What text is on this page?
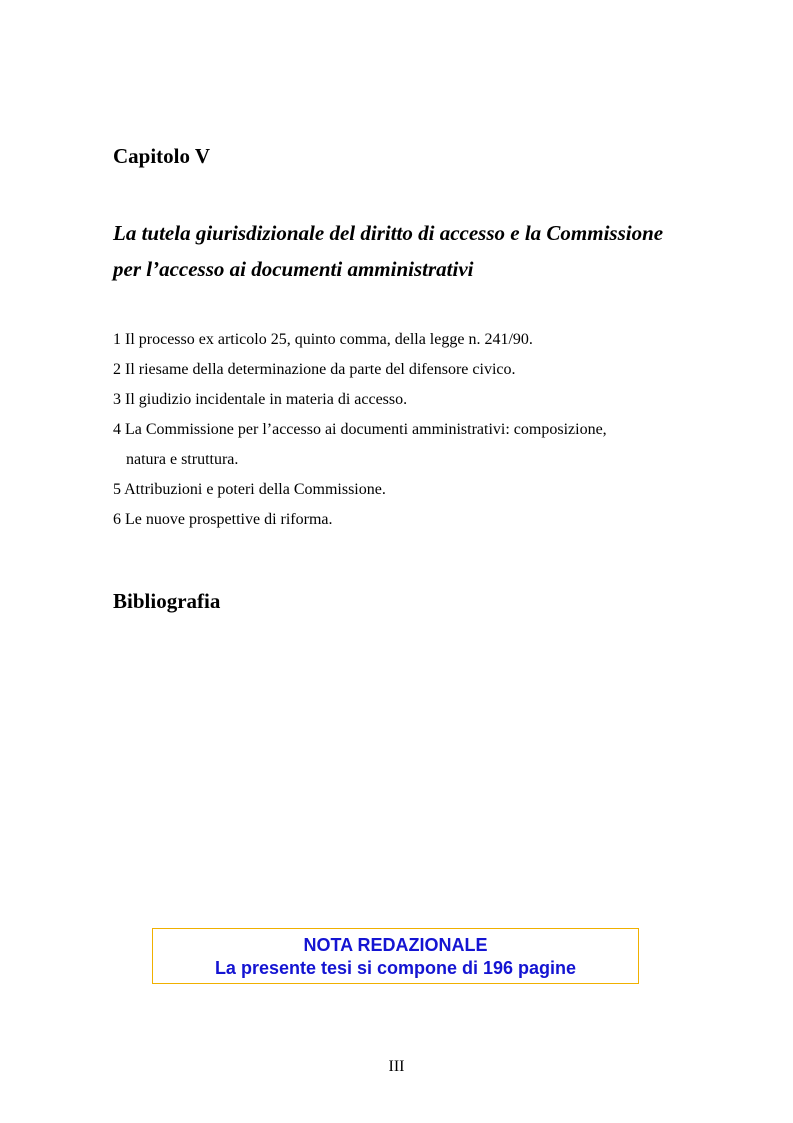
Capitolo V
La tutela giurisdizionale del diritto di accesso e la Commissione
per l’accesso ai documenti amministrativi
1 Il processo ex articolo 25, quinto comma, della legge n. 241/90.
2 Il riesame della determinazione da parte del difensore civico.
3 Il giudizio incidentale in materia di accesso.
4 La Commissione per l’accesso ai documenti amministrativi: composizione,
natura e struttura.
5 Attribuzioni e poteri della Commissione.
6 Le nuove prospettive di riforma.
Bibliografia
NOTA REDAZIONALE
La presente tesi si compone di 196 pagine
III
